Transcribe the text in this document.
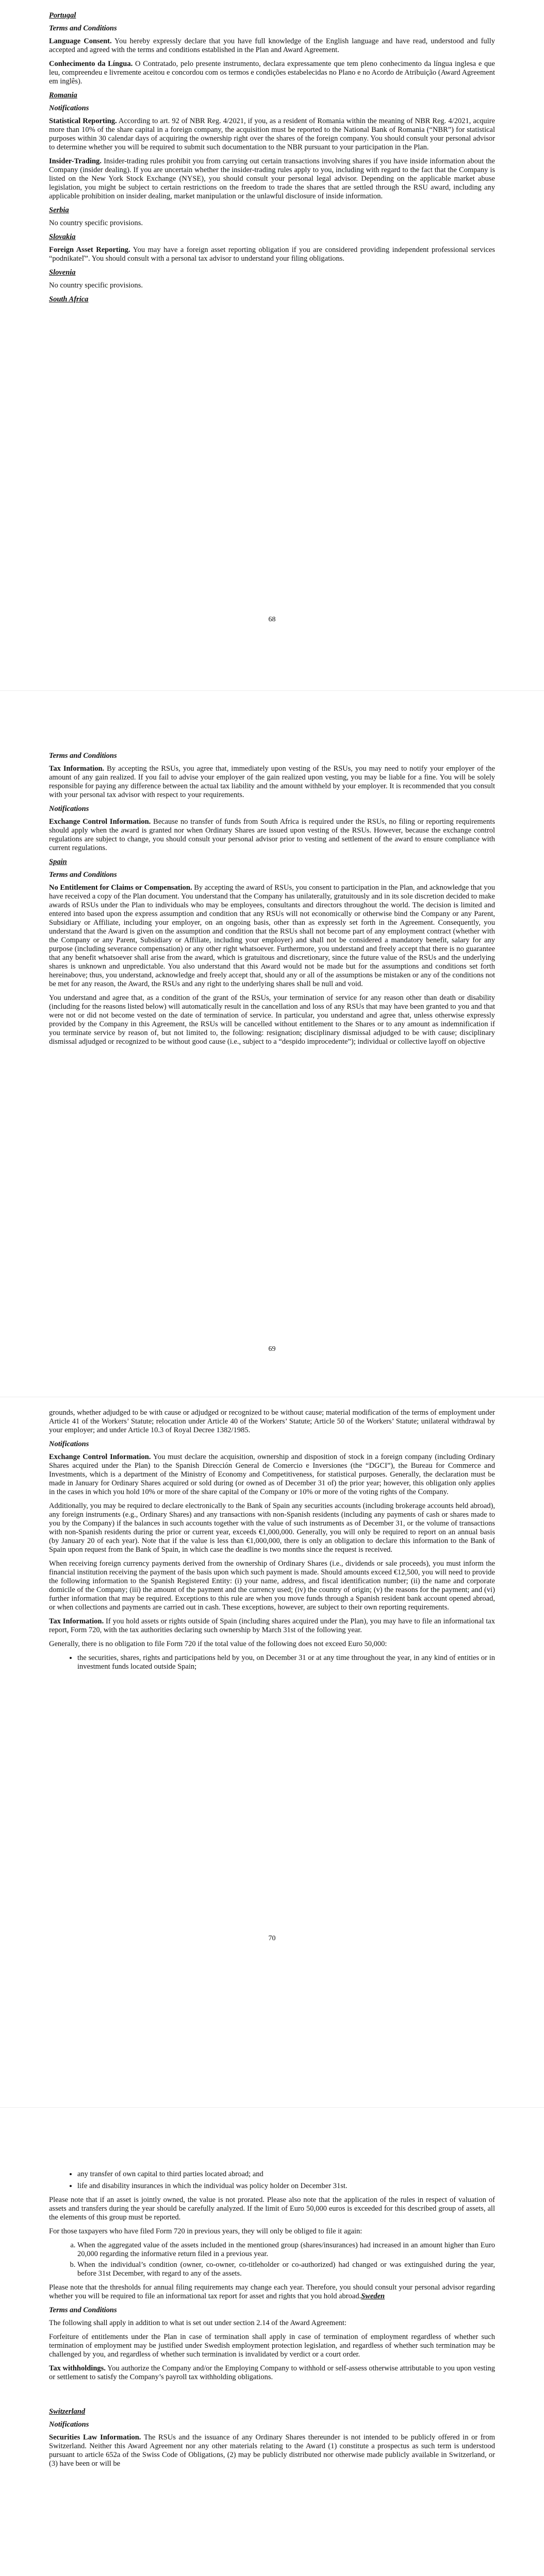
Portugal
Terms and Conditions

Language Consent. You hereby expressly declare that you have full knowledge of the English language and have read, understood and fully accepted and agreed with the terms and conditions established in the Plan and Award Agreement.

Conhecimento da Língua. O Contratado, pelo presente instrumento, declara expressamente que tem pleno conhecimento da língua inglesa e que leu, compreendeu e livremente aceitou e concordou com os termos e condições estabelecidas no Plano e no Acordo de Atribuição (Award Agreement em inglês).

Romania
Notifications

Statistical Reporting. According to art. 92 of NBR Reg. 4/2021, if you, as a resident of Romania within the meaning of NBR Reg. 4/2021, acquire more than 10% of the share capital in a foreign company, the acquisition must be reported to the National Bank of Romania (“NBR”) for statistical purposes within 30 calendar days of acquiring the ownership right over the shares of the foreign company. You should consult your personal advisor to determine whether you will be required to submit such documentation to the NBR pursuant to your participation in the Plan.

Insider-Trading. Insider-trading rules prohibit you from carrying out certain transactions involving shares if you have inside information about the Company (insider dealing). If you are uncertain whether the insider-trading rules apply to you, including with regard to the fact that the Company is listed on the New York Stock Exchange (NYSE), you should consult your personal legal advisor. Depending on the applicable market abuse legislation, you might be subject to certain restrictions on the freedom to trade the shares that are settled through the RSU award, including any applicable prohibition on insider dealing, market manipulation or the unlawful disclosure of inside information.

Serbia

No country specific provisions.

Slovakia

Foreign Asset Reporting. You may have a foreign asset reporting obligation if you are considered providing independent professional services “podnikateľ”. You should consult with a personal tax advisor to understand your filing obligations.

Slovenia

No country specific provisions.

South Africa
68
Terms and Conditions

Tax Information. By accepting the RSUs, you agree that, immediately upon vesting of the RSUs, you may need to notify your employer of the amount of any gain realized. If you fail to advise your employer of the gain realized upon vesting, you may be liable for a fine. You will be solely responsible for paying any difference between the actual tax liability and the amount withheld by your employer. It is recommended that you consult with your personal tax advisor with respect to your requirements.

Notifications

Exchange Control Information. Because no transfer of funds from South Africa is required under the RSUs, no filing or reporting requirements should apply when the award is granted nor when Ordinary Shares are issued upon vesting of the RSUs. However, because the exchange control regulations are subject to change, you should consult your personal advisor prior to vesting and settlement of the award to ensure compliance with current regulations.

Spain
Terms and Conditions

No Entitlement for Claims or Compensation. By accepting the award of RSUs, you consent to participation in the Plan, and acknowledge that you have received a copy of the Plan document. You understand that the Company has unilaterally, gratuitously and in its sole discretion decided to make awards of RSUs under the Plan to individuals who may be employees, consultants and directors throughout the world. The decision is limited and entered into based upon the express assumption and condition that any RSUs will not economically or otherwise bind the Company or any Parent, Subsidiary or Affiliate, including your employer, on an ongoing basis, other than as expressly set forth in the Agreement. Consequently, you understand that the Award is given on the assumption and condition that the RSUs shall not become part of any employment contract (whether with the Company or any Parent, Subsidiary or Affiliate, including your employer) and shall not be considered a mandatory benefit, salary for any purpose (including severance compensation) or any other right whatsoever. Furthermore, you understand and freely accept that there is no guarantee that any benefit whatsoever shall arise from the award, which is gratuitous and discretionary, since the future value of the RSUs and the underlying shares is unknown and unpredictable. You also understand that this Award would not be made but for the assumptions and conditions set forth hereinabove; thus, you understand, acknowledge and freely accept that, should any or all of the assumptions be mistaken or any of the conditions not be met for any reason, the Award, the RSUs and any right to the underlying shares shall be null and void.

You understand and agree that, as a condition of the grant of the RSUs, your termination of service for any reason other than death or disability (including for the reasons listed below) will automatically result in the cancellation and loss of any RSUs that may have been granted to you and that were not or did not become vested on the date of termination of service. In particular, you understand and agree that, unless otherwise expressly provided by the Company in this Agreement, the RSUs will be cancelled without entitlement to the Shares or to any amount as indemnification if you terminate service by reason of, but not limited to, the following: resignation; disciplinary dismissal adjudged to be with cause; disciplinary dismissal adjudged or recognized to be without good cause (i.e., subject to a “despido improcedente”); individual or collective layoff on objective

69

grounds, whether adjudged to be with cause or adjudged or recognized to be without cause; material modification of the terms of employment under Article 41 of the Workers’ Statute; relocation under Article 40 of the Workers’ Statute; Article 50 of the Workers’ Statute; unilateral withdrawal by your employer; and under Article 10.3 of Royal Decree 1382/1985.

Notifications

Exchange Control Information. You must declare the acquisition, ownership and disposition of stock in a foreign company (including Ordinary Shares acquired under the Plan) to the Spanish Dirección General de Comercio e Inversiones (the “DGCI”), the Bureau for Commerce and Investments, which is a department of the Ministry of Economy and Competitiveness, for statistical purposes. Generally, the declaration must be made in January for Ordinary Shares acquired or sold during (or owned as of December 31 of) the prior year; however, this obligation only applies in the cases in which you hold 10% or more of the share capital of the Company or 10% or more of the voting rights of the Company.

Additionally, you may be required to declare electronically to the Bank of Spain any securities accounts (including brokerage accounts held abroad), any foreign instruments (e.g., Ordinary Shares) and any transactions with non-Spanish residents (including any payments of cash or shares made to you by the Company) if the balances in such accounts together with the value of such instruments as of December 31, or the volume of transactions with non-Spanish residents during the prior or current year, exceeds €1,000,000. Generally, you will only be required to report on an annual basis (by January 20 of each year). Note that if the value is less than €1,000,000, there is only an obligation to declare this information to the Bank of Spain upon request from the Bank of Spain, in which case the deadline is two months since the request is received.

When receiving foreign currency payments derived from the ownership of Ordinary Shares (i.e., dividends or sale proceeds), you must inform the financial institution receiving the payment of the basis upon which such payment is made. Should amounts exceed €12,500, you will need to provide the following information to the Spanish Registered Entity: (i) your name, address, and fiscal identification number; (ii) the name and corporate domicile of the Company; (iii) the amount of the payment and the currency used; (iv) the country of origin; (v) the reasons for the payment; and (vi) further information that may be required. Exceptions to this rule are when you move funds through a Spanish resident bank account opened abroad, or when collections and payments are carried out in cash. These exceptions, however, are subject to their own reporting requirements.

Tax Information. If you hold assets or rights outside of Spain (including shares acquired under the Plan), you may have to file an informational tax report, Form 720, with the tax authorities declaring such ownership by March 31st of the following year.

Generally, there is no obligation to file Form 720 if the total value of the following does not exceed Euro 50,000:

• the securities, shares, rights and participations held by you, on December 31 or at any time throughout the year, in any kind of entities or in investment funds located outside Spain;
70
• any transfer of own capital to third parties located abroad; and
• life and disability insurances in which the individual was policy holder on December 31st.

Please note that if an asset is jointly owned, the value is not prorated. Please also note that the application of the rules in respect of valuation of assets and transfers during the year should be carefully analyzed. If the limit of Euro 50,000 euros is exceeded for this described group of assets, all the elements of this group must be reported.

For those taxpayers who have filed Form 720 in previous years, they will only be obliged to file it again:

a. When the aggregated value of the assets included in the mentioned group (shares/insurances) had increased in an amount higher than Euro 20,000 regarding the informative return filed in a previous year.
b. When the individual’s condition (owner, co-owner, co-titleholder or co-authorized) had changed or was extinguished during the year, before 31st December, with regard to any of the assets.

Please note that the thresholds for annual filing requirements may change each year. Therefore, you should consult your personal advisor regarding whether you will be required to file an informational tax report for asset and rights that you hold abroad.Sweden

Terms and Conditions

The following shall apply in addition to what is set out under section 2.14 of the Award Agreement:

Forfeiture of entitlements under the Plan in case of termination shall apply in case of termination of employment regardless of whether such termination of employment may be justified under Swedish employment protection legislation, and regardless of whether such termination may be challenged by you, and regardless of whether such termination is invalidated by verdict or a court order.

Tax withholdings. You authorize the Company and/or the Employing Company to withhold or self-assess otherwise attributable to you upon vesting or settlement to satisfy the Company’s payroll tax withholding obligations.

Switzerland
Notifications

Securities Law Information. The RSUs and the issuance of any Ordinary Shares thereunder is not intended to be publicly offered in or from Switzerland. Neither this Award Agreement nor any other materials relating to the Award (1) constitute a prospectus as such term is understood pursuant to article 652a of the Swiss Code of Obligations, (2) may be publicly distributed nor otherwise made publicly available in Switzerland, or (3) have been or will be
